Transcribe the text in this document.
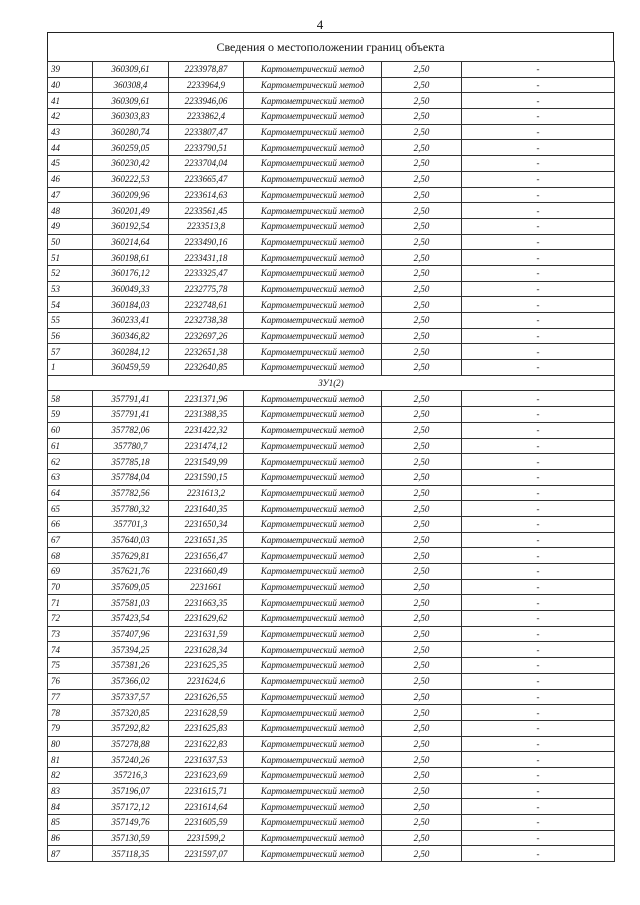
4
Сведения о местоположении границ объекта
39	360309,61	2233978,87	Картометрический метод	2,50	-
40	360308,4	2233964,9	Картометрический метод	2,50	-
41	360309,61	2233946,06	Картометрический метод	2,50	-
42	360303,83	2233862,4	Картометрический метод	2,50	-
43	360280,74	2233807,47	Картометрический метод	2,50	-
44	360259,05	2233790,51	Картометрический метод	2,50	-
45	360230,42	2233704,04	Картометрический метод	2,50	-
46	360222,53	2233665,47	Картометрический метод	2,50	-
47	360209,96	2233614,63	Картометрический метод	2,50	-
48	360201,49	2233561,45	Картометрический метод	2,50	-
49	360192,54	2233513,8	Картометрический метод	2,50	-
50	360214,64	2233490,16	Картометрический метод	2,50	-
51	360198,61	2233431,18	Картометрический метод	2,50	-
52	360176,12	2233325,47	Картометрический метод	2,50	-
53	360049,33	2232775,78	Картометрический метод	2,50	-
54	360184,03	2232748,61	Картометрический метод	2,50	-
55	360233,41	2232738,38	Картометрический метод	2,50	-
56	360346,82	2232697,26	Картометрический метод	2,50	-
57	360284,12	2232651,38	Картометрический метод	2,50	-
1	360459,59	2232640,85	Картометрический метод	2,50	-
ЗУ1(2)					
58	357791,41	2231371,96	Картометрический метод	2,50	-
59	357791,41	2231388,35	Картометрический метод	2,50	-
60	357782,06	2231422,32	Картометрический метод	2,50	-
61	357780,7	2231474,12	Картометрический метод	2,50	-
62	357785,18	2231549,99	Картометрический метод	2,50	-
63	357784,04	2231590,15	Картометрический метод	2,50	-
64	357782,56	2231613,2	Картометрический метод	2,50	-
65	357780,32	2231640,35	Картометрический метод	2,50	-
66	357701,3	2231650,34	Картометрический метод	2,50	-
67	357640,03	2231651,35	Картометрический метод	2,50	-
68	357629,81	2231656,47	Картометрический метод	2,50	-
69	357621,76	2231660,49	Картометрический метод	2,50	-
70	357609,05	2231661	Картометрический метод	2,50	-
71	357581,03	2231663,35	Картометрический метод	2,50	-
72	357423,54	2231629,62	Картометрический метод	2,50	-
73	357407,96	2231631,59	Картометрический метод	2,50	-
74	357394,25	2231628,34	Картометрический метод	2,50	-
75	357381,26	2231625,35	Картометрический метод	2,50	-
76	357366,02	2231624,6	Картометрический метод	2,50	-
77	357337,57	2231626,55	Картометрический метод	2,50	-
78	357320,85	2231628,59	Картометрический метод	2,50	-
79	357292,82	2231625,83	Картометрический метод	2,50	-
80	357278,88	2231622,83	Картометрический метод	2,50	-
81	357240,26	2231637,53	Картометрический метод	2,50	-
82	357216,3	2231623,69	Картометрический метод	2,50	-
83	357196,07	2231615,71	Картометрический метод	2,50	-
84	357172,12	2231614,64	Картометрический метод	2,50	-
85	357149,76	2231605,59	Картометрический метод	2,50	-
86	357130,59	2231599,2	Картометрический метод	2,50	-
87	357118,35	2231597,07	Картометрический метод	2,50	-
